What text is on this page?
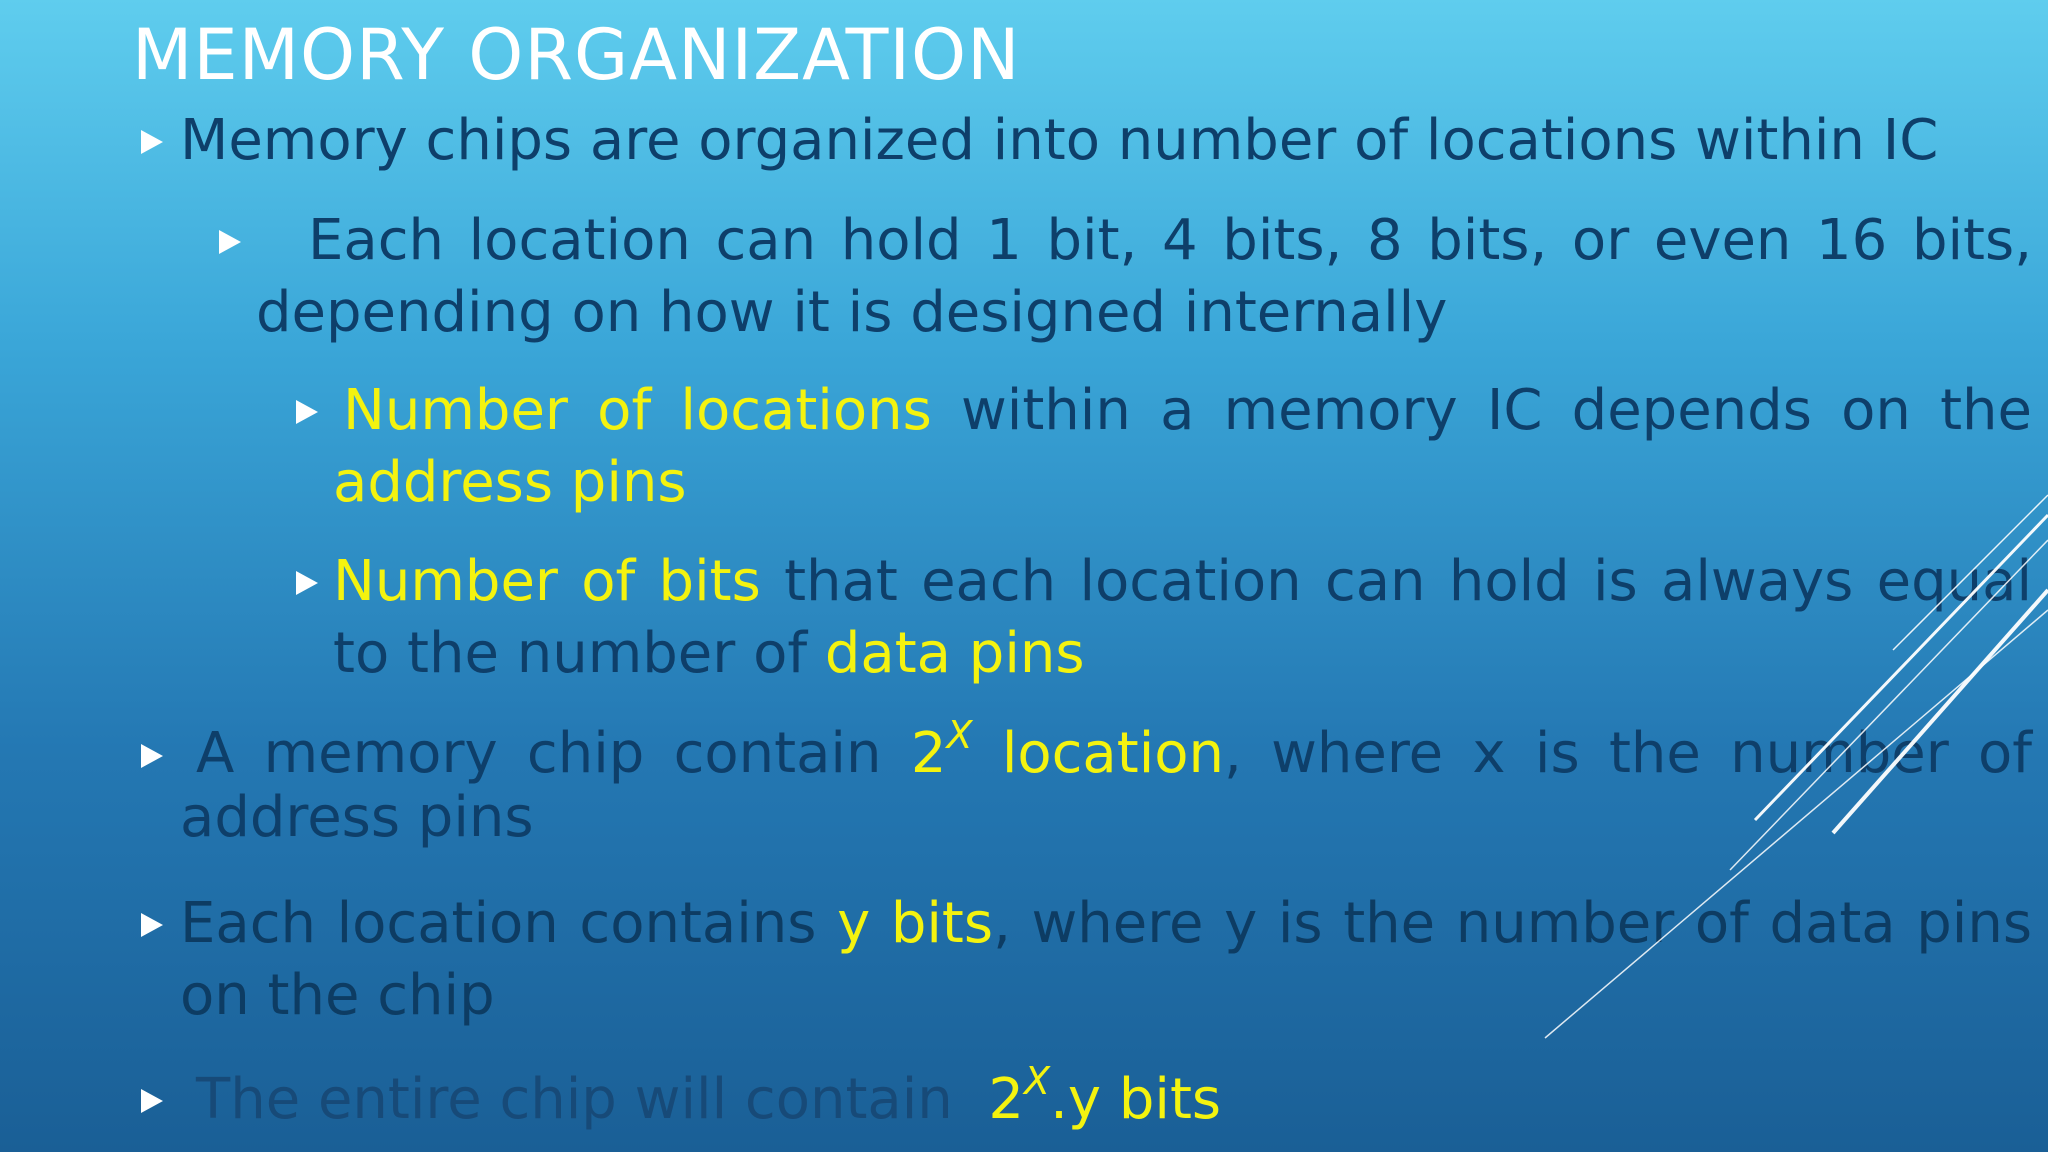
MEMORY ORGANIZATION
Memory chips are organized into number of locations within IC
Each location can hold 1 bit, 4 bits, 8 bits, or even 16 bits, depending on how it is designed internally
Number of locations within a memory IC depends on the address pins
Number of bits that each location can hold is always equal to the number of data pins
A memory chip contain $2^X$ location, where x is the number of address pins
Each location contains y bits, where y is the number of data pins on the chip
The entire chip will contain  $2^X.y$ bits
